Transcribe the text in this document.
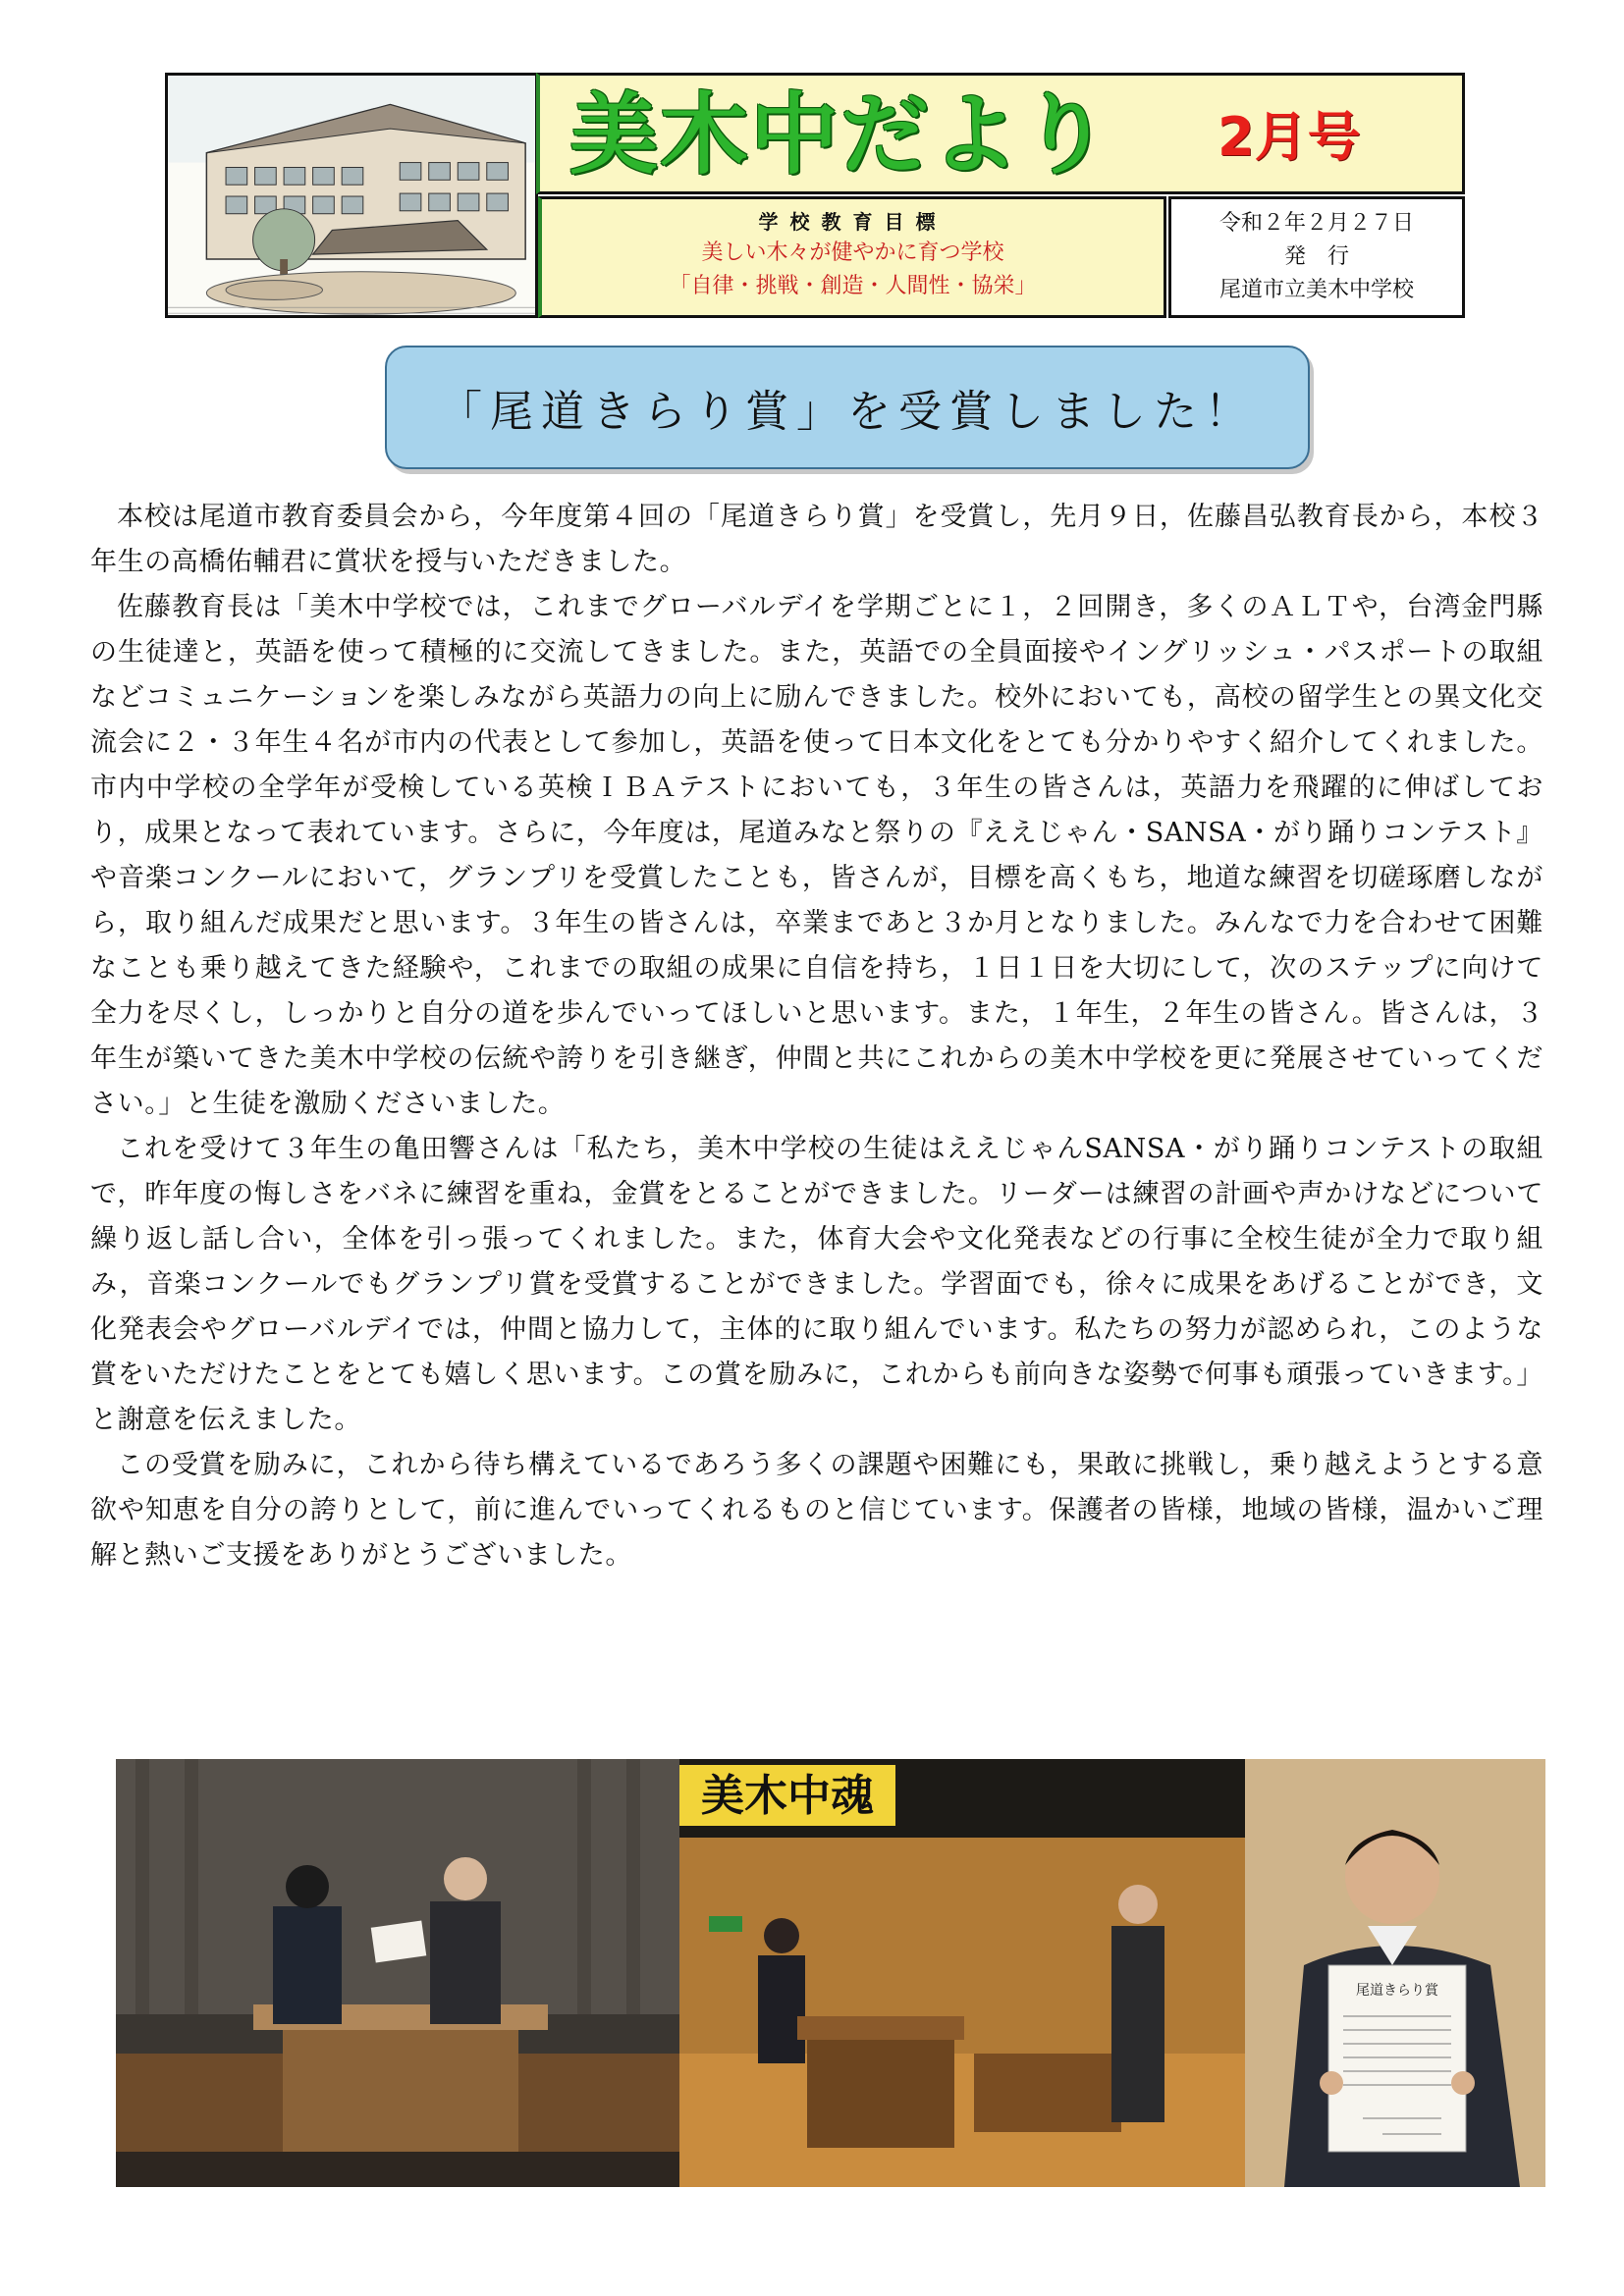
美木中だより 2月号
学校教育目標
美しい木々が健やかに育つ学校
「自律・挑戦・創造・人間性・協栄」
令和２年２月２７日
発　行
尾道市立美木中学校
「尾道きらり賞」を受賞しました！

本校は尾道市教育委員会から，今年度第４回の「尾道きらり賞」を受賞し，先月９日，佐藤昌弘教育長から，本校３年生の高橋佑輔君に賞状を授与いただきました。

佐藤教育長は「美木中学校では，これまでグローバルデイを学期ごとに１，２回開き，多くのＡＬＴや，台湾金門縣の生徒達と，英語を使って積極的に交流してきました。また，英語での全員面接やイングリッシュ・パスポートの取組などコミュニケーションを楽しみながら英語力の向上に励んできました。校外においても，高校の留学生との異文化交流会に２・３年生４名が市内の代表として参加し，英語を使って日本文化をとても分かりやすく紹介してくれました。市内中学校の全学年が受検している英検ＩＢＡテストにおいても，３年生の皆さんは，英語力を飛躍的に伸ばしており，成果となって表れています。さらに，今年度は，尾道みなと祭りの『ええじゃん・SANSA・がり踊りコンテスト』や音楽コンクールにおいて，グランプリを受賞したことも，皆さんが，目標を高くもち，地道な練習を切磋琢磨しながら，取り組んだ成果だと思います。３年生の皆さんは，卒業まであと３か月となりました。みんなで力を合わせて困難なことも乗り越えてきた経験や，これまでの取組の成果に自信を持ち，１日１日を大切にして，次のステップに向けて全力を尽くし，しっかりと自分の道を歩んでいってほしいと思います。また，１年生，２年生の皆さん。皆さんは，３年生が築いてきた美木中学校の伝統や誇りを引き継ぎ，仲間と共にこれからの美木中学校を更に発展させていってください。」と生徒を激励くださいました。

これを受けて３年生の亀田響さんは「私たち，美木中学校の生徒はええじゃんSANSA・がり踊りコンテストの取組で，昨年度の悔しさをバネに練習を重ね，金賞をとることができました。リーダーは練習の計画や声かけなどについて繰り返し話し合い，全体を引っ張ってくれました。また，体育大会や文化発表などの行事に全校生徒が全力で取り組み，音楽コンクールでもグランプリ賞を受賞することができました。学習面でも，徐々に成果をあげることができ，文化発表会やグローバルデイでは，仲間と協力して，主体的に取り組んでいます。私たちの努力が認められ，このような賞をいただけたことをとても嬉しく思います。この賞を励みに，これからも前向きな姿勢で何事も頑張っていきます。」と謝意を伝えました。

この受賞を励みに，これから待ち構えているであろう多くの課題や困難にも，果敢に挑戦し，乗り越えようとする意欲や知恵を自分の誇りとして，前に進んでいってくれるものと信じています。保護者の皆様，地域の皆様，温かいご理解と熱いご支援をありがとうございました。

美木中魂
尾道きらり賞
